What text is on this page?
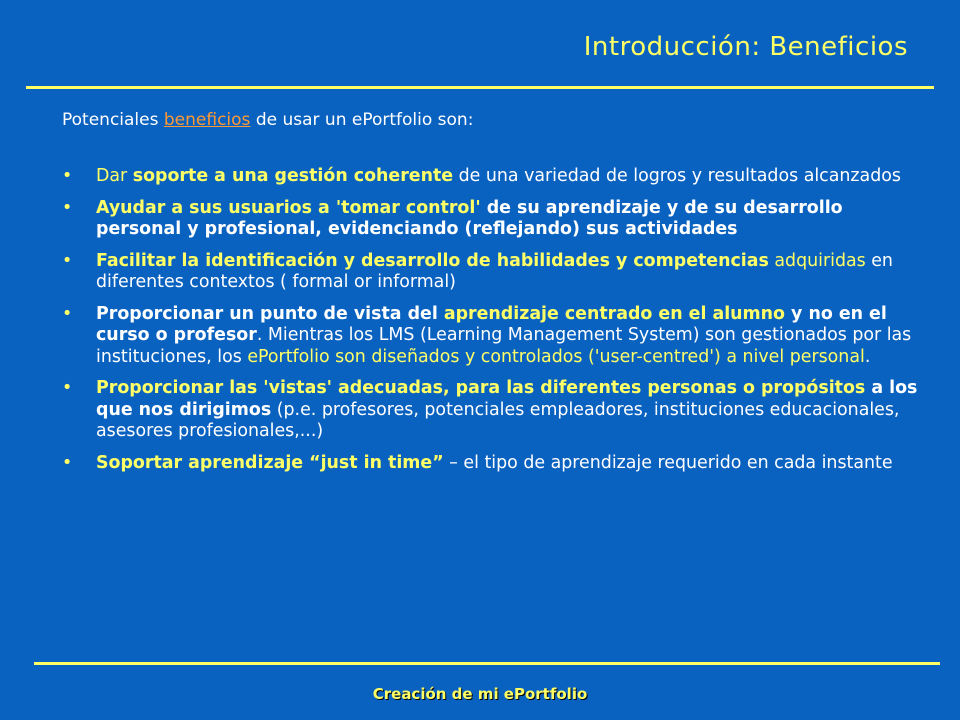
Introducción: Beneficios

Potenciales beneficios de usar un ePortfolio son:

• Dar soporte a una gestión coherente de una variedad de logros y resultados alcanzados
• Ayudar a sus usuarios a 'tomar control' de su aprendizaje y de su desarrollo personal y profesional, evidenciando (reflejando) sus actividades
• Facilitar la identificación y desarrollo de habilidades y competencias adquiridas en diferentes contextos ( formal or informal)
• Proporcionar un punto de vista del aprendizaje centrado en el alumno y no en el curso o profesor. Mientras los LMS (Learning Management System) son gestionados por las instituciones, los ePortfolio son diseñados y controlados ('user-centred') a nivel personal.
• Proporcionar las 'vistas' adecuadas, para las diferentes personas o propósitos a los que nos dirigimos (p.e. profesores, potenciales empleadores, instituciones educacionales, asesores profesionales,...)
• Soportar aprendizaje “just in time” – el tipo de aprendizaje requerido en cada instante
Creación de mi ePortfolio
